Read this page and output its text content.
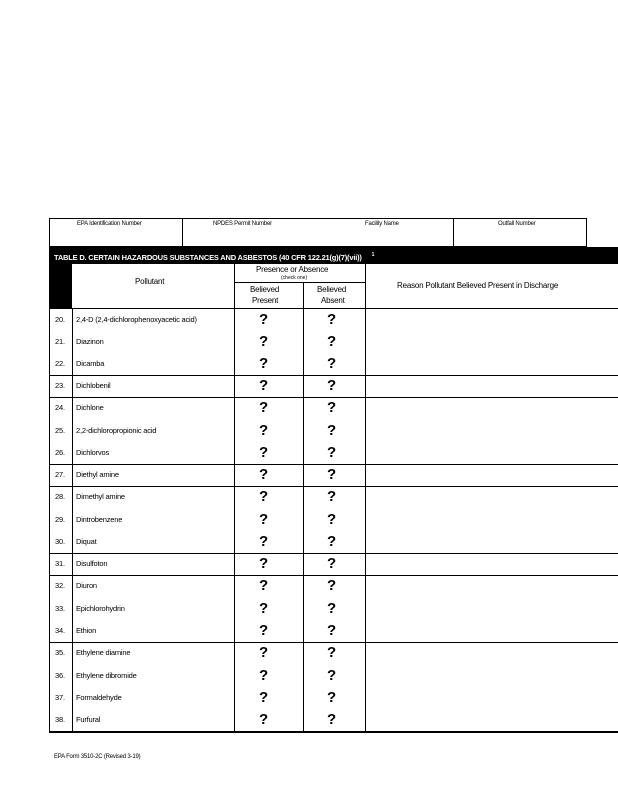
EPA Identification Number	NPDES Permit Number	Facility Name	Outfall Number
TABLE D. CERTAIN HAZARDOUS SUBSTANCES AND ASBESTOS (40 CFR 122.21(g)(7)(vii)) $^1$
Pollutant
Presence or Absence
(check one)
Believed
Present
Believed
Absent
Reason Pollutant Believed Present in Discharge
20. 2,4-D (2,4-dichlorophenoxyacetic acid)	?	?
21. Diazinon	?	?
22. Dicamba	?	?
23. Dichlobenil	?	?
24. Dichlone	?	?
25. 2,2-dichloropropionic acid	?	?
26. Dichlorvos	?	?
27. Diethyl amine	?	?
28. Dimethyl amine	?	?
29. Dintrobenzene	?	?
30. Diquat	?	?
31. Disulfoton	?	?
32. Diuron	?	?
33. Epichlorohydrin	?	?
34. Ethion	?	?
35. Ethylene diamine	?	?
36. Ethylene dibromide	?	?
37. Formaldehyde	?	?
38. Furfural	?	?
EPA Form 3510-2C (Revised 3-19)
